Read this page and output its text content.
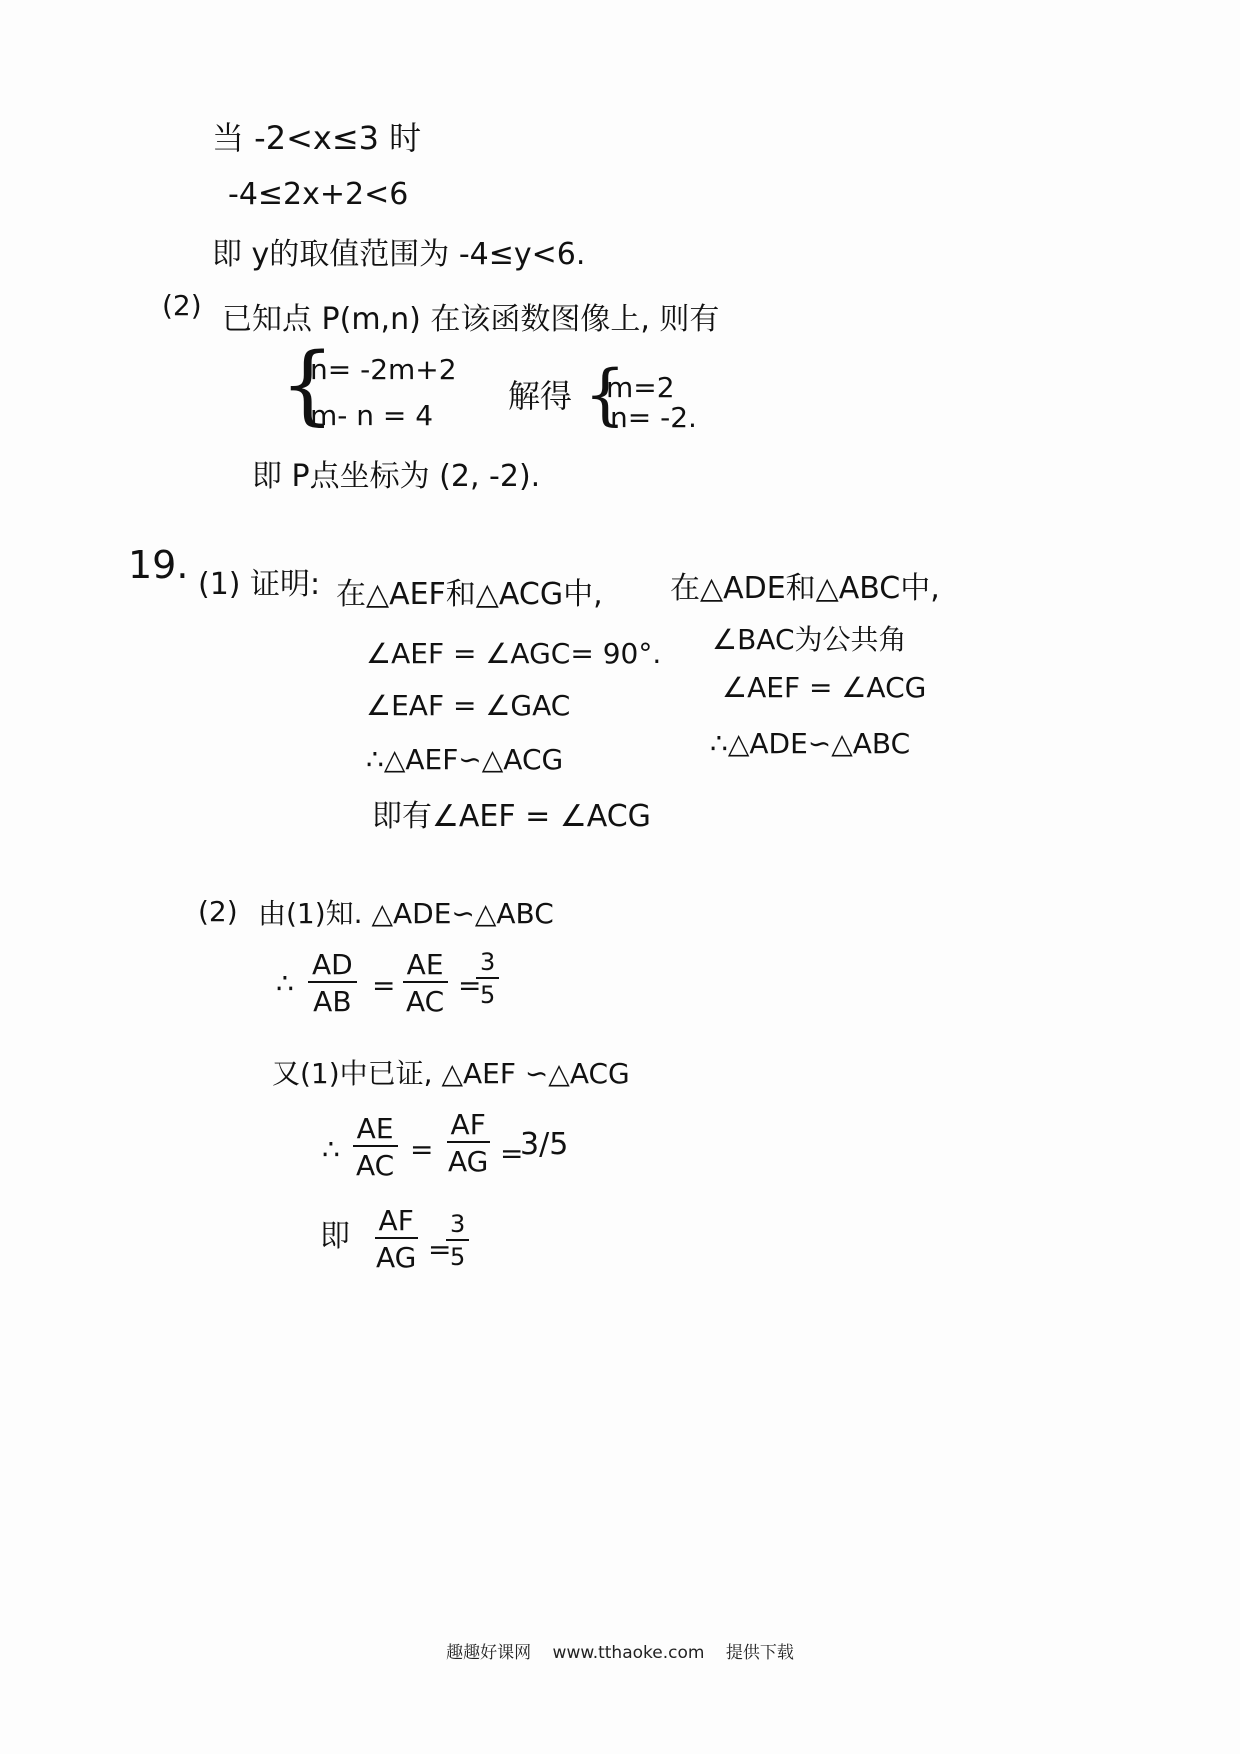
当 -2<x≤3 时
-4≤2x+2<6
即 y的取值范围为 -4≤y<6.
(2) 已知点 P(m,n) 在该函数图像上, 则有
{
n= -2m+2
m- n = 4
解得 {
m=2
n= -2.
即 P点坐标为 (2, -2).
19. (1) 证明: 在△AEF和△ACG中,
∠AEF = ∠AGC= 90°.
∠EAF = ∠GAC
∴△AEF∽△ACG
即有∠AEF = ∠ACG
在△ADE和△ABC中,
∠BAC为公共角
∠AEF = ∠ACG
∴△ADE∽△ABC
(2) 由(1)知. △ADE∽△ABC
∴ $\frac{AD}{AB} = \frac{AE}{AC}$ =
$\frac{3}{5}$
又(1)中已证, △AEF ∽△ACG
∴ $\frac{AE}{AC} = \frac{AF}{AG}$ =
3/5
即 $\frac{AF}{AG}$ =
$\frac{3}{5}$
趣趣好课网 www.tthaoke.com 提供下载
